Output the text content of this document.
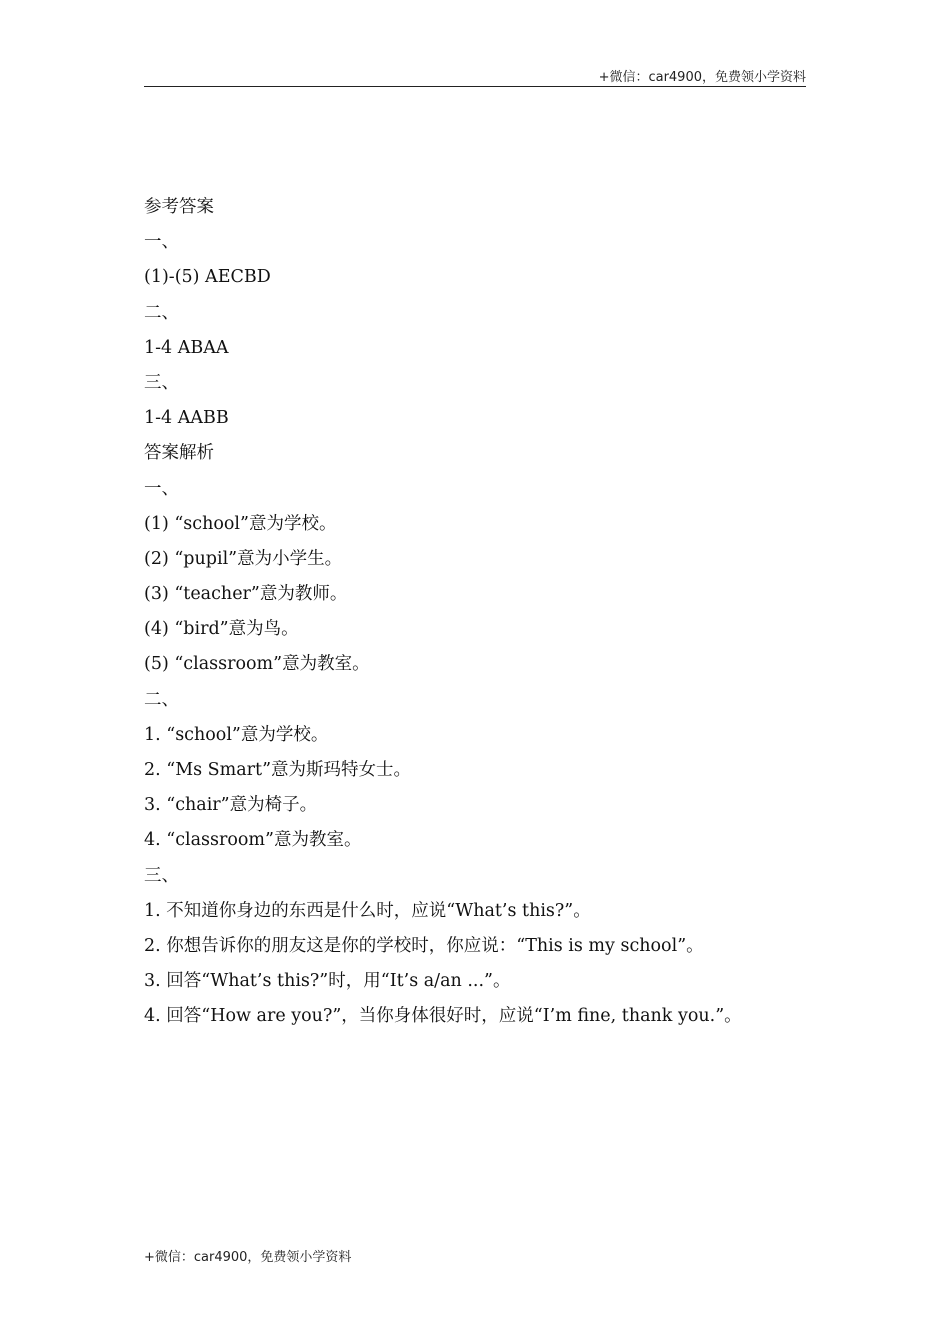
+微信：car4900，免费领小学资料
参考答案
一、
(1)-(5) AECBD
二、
1-4 ABAA
三、
1-4 AABB
答案解析
一、
(1) “school”意为学校。
(2) “pupil”意为小学生。
(3) “teacher”意为教师。
(4) “bird”意为鸟。
(5) “classroom”意为教室。
二、
1. “school”意为学校。
2. “Ms Smart”意为斯玛特女士。
3. “chair”意为椅子。
4. “classroom”意为教室。
三、
1. 不知道你身边的东西是什么时，应说“What’s this?”。
2. 你想告诉你的朋友这是你的学校时，你应说：“This is my school”。
3. 回答“What’s this?”时，用“It’s a/an ...”。
4. 回答“How are you?”，当你身体很好时，应说“I’m fine, thank you.”。
+微信：car4900，免费领小学资料
